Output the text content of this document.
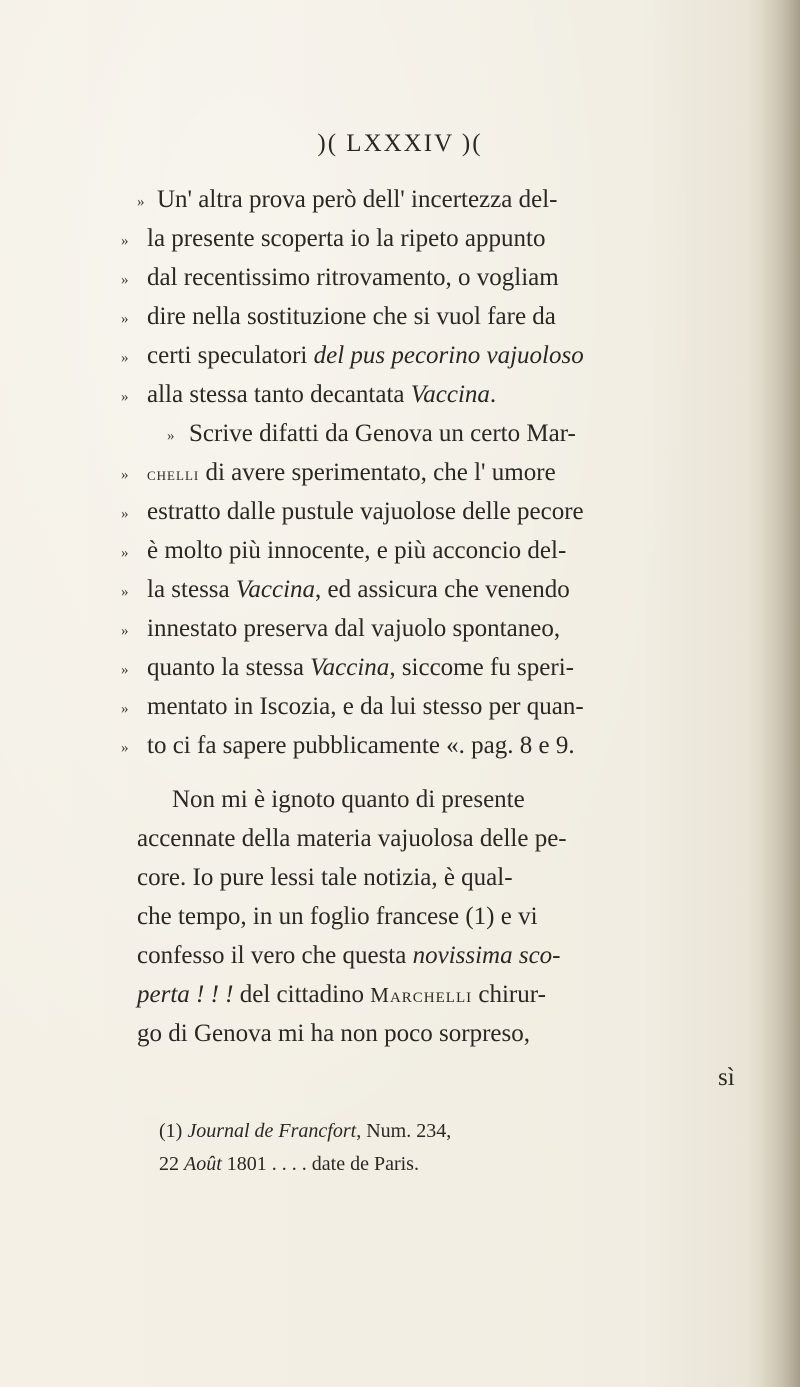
)( LXXXIV )(
» Un' altra prova però dell' incertezza del-
» la presente scoperta io la ripeto appunto
» dal recentissimo ritrovamento, o vogliam
» dire nella sostituzione che si vuol fare da
» certi speculatori del pus pecorino vajuoloso
» alla stessa tanto decantata Vaccina.
» Scrive difatti da Genova un certo Mar-
» chelli di avere sperimentato, che l' umore
» estratto dalle pustule vajuolose delle pecore
» è molto più innocente, e più acconcio del-
» la stessa Vaccina, ed assicura che venendo
» innestato preserva dal vajuolo spontaneo,
» quanto la stessa Vaccina, siccome fu speri-
» mentato in Iscozia, e da lui stesso per quan-
» to ci fa sapere pubblicamente «. pag. 8 e 9.
Non mi è ignoto quanto di presente
accennate della materia vajuolosa delle pe-
core. Io pure lessi tale notizia, è qual-
che tempo, in un foglio francese (1) e vi
confesso il vero che questa novissima sco-
perta ! ! ! del cittadino Marchelli chirur-
go di Genova mi ha non poco sorpreso,
sì
(1) Journal de Francfort, Num. 234,
22 Août 1801 . . . . date de Paris.
